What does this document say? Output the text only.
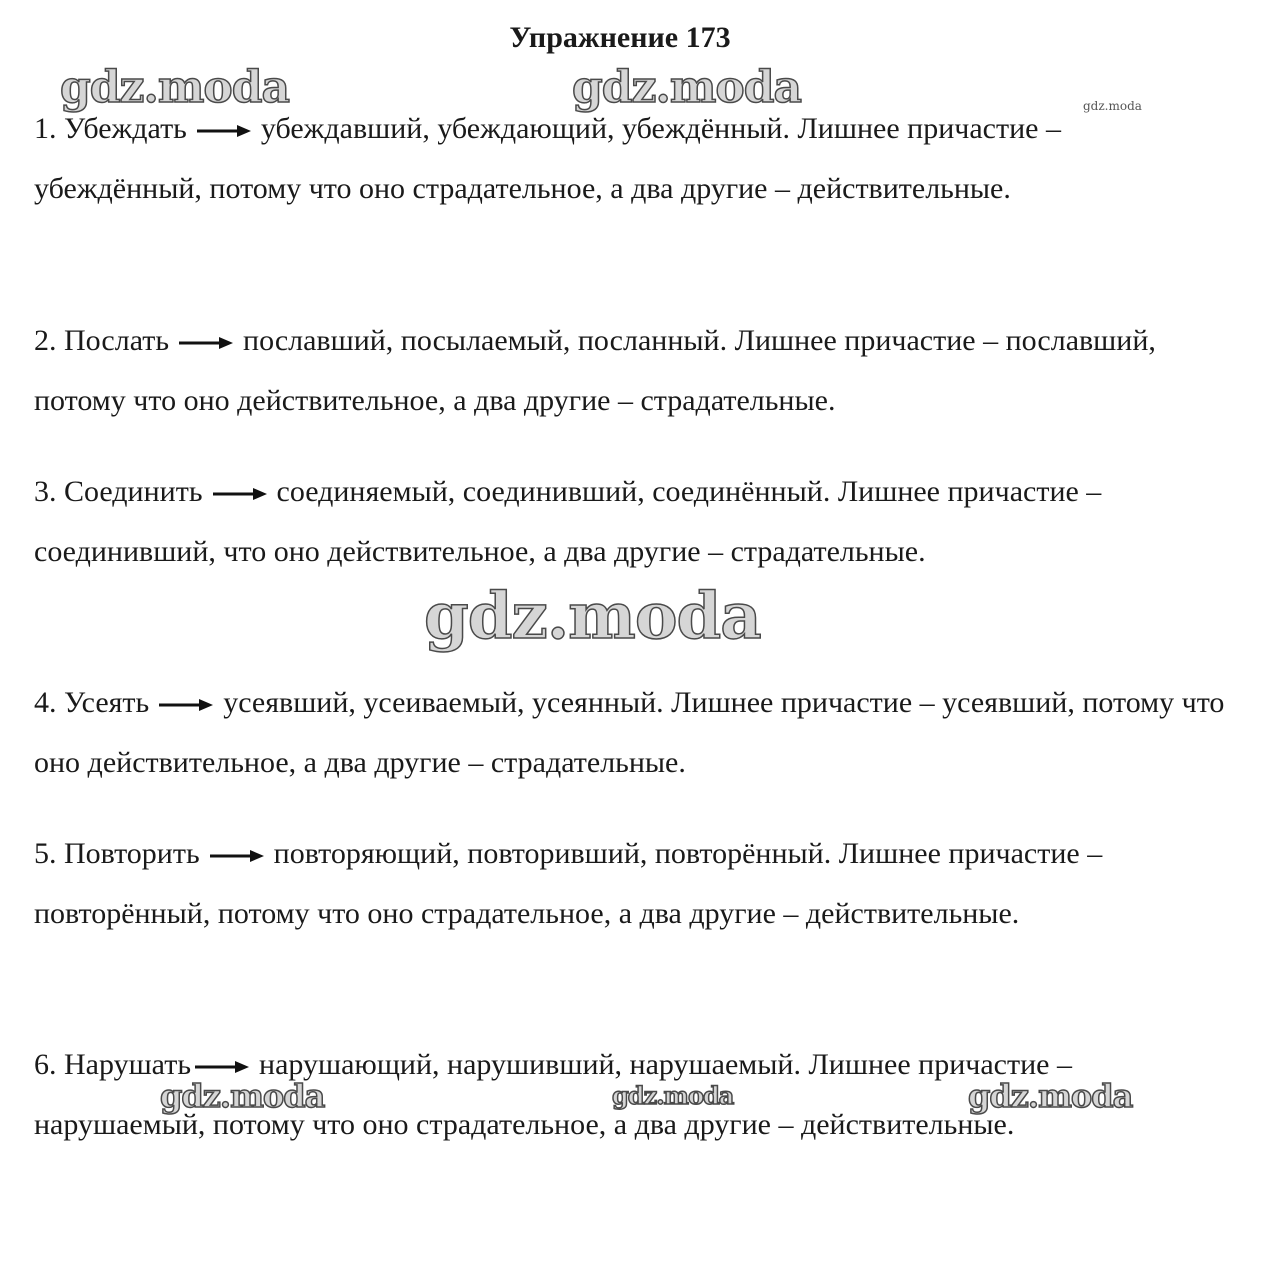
Упражнение 173
gdz.moda	gdz.moda	gdz.moda
gdz.moda
gdz.moda	gdz.moda	gdz.moda

1. Убеждать убеждавший, убеждающий, убеждённый. Лишнее причастие – убеждённый, потому что оно страдательное, а два другие – действительные.

2. Послать пославший, посылаемый, посланный. Лишнее причастие – пославший, потому что оно действительное, а два другие – страдательные.

3. Соединить соединяемый, соединивший, соединённый. Лишнее причастие – соединивший, что оно действительное, а два другие – страдательные.

4. Усеять усеявший, усеиваемый, усеянный. Лишнее причастие – усеявший, потому что оно действительное, а два другие – страдательные.

5. Повторить повторяющий, повторивший, повторённый. Лишнее причастие – повторённый, потому что оно страдательное, а два другие – действительные.

6. Нарушать нарушающий, нарушивший, нарушаемый. Лишнее причастие – нарушаемый, потому что оно страдательное, а два другие – действительные.
